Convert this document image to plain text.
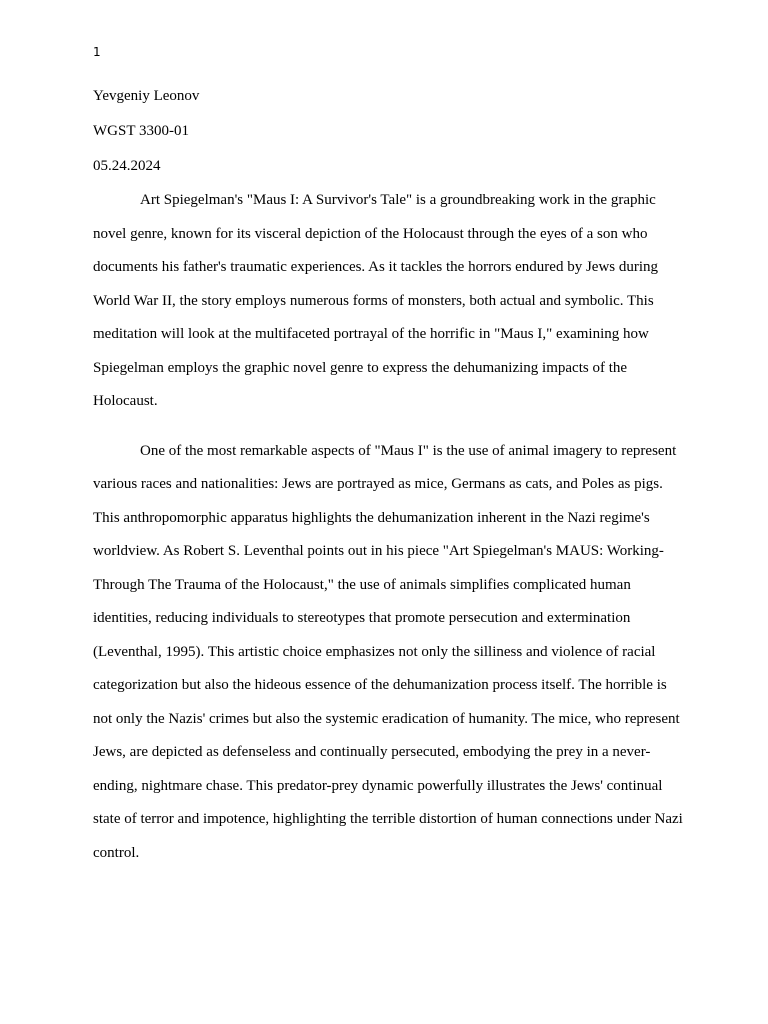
1
Yevgeniy Leonov
WGST 3300-01
05.24.2024

Art Spiegelman's "Maus I: A Survivor's Tale" is a groundbreaking work in the graphic novel genre, known for its visceral depiction of the Holocaust through the eyes of a son who documents his father's traumatic experiences. As it tackles the horrors endured by Jews during World War II, the story employs numerous forms of monsters, both actual and symbolic. This meditation will look at the multifaceted portrayal of the horrific in "Maus I," examining how Spiegelman employs the graphic novel genre to express the dehumanizing impacts of the Holocaust.

One of the most remarkable aspects of "Maus I" is the use of animal imagery to represent various races and nationalities: Jews are portrayed as mice, Germans as cats, and Poles as pigs. This anthropomorphic apparatus highlights the dehumanization inherent in the Nazi regime's worldview. As Robert S. Leventhal points out in his piece "Art Spiegelman's MAUS: Working-Through The Trauma of the Holocaust," the use of animals simplifies complicated human identities, reducing individuals to stereotypes that promote persecution and extermination (Leventhal, 1995). This artistic choice emphasizes not only the silliness and violence of racial categorization but also the hideous essence of the dehumanization process itself. The horrible is not only the Nazis' crimes but also the systemic eradication of humanity. The mice, who represent Jews, are depicted as defenseless and continually persecuted, embodying the prey in a never-ending, nightmare chase. This predator-prey dynamic powerfully illustrates the Jews' continual state of terror and impotence, highlighting the terrible distortion of human connections under Nazi control.
